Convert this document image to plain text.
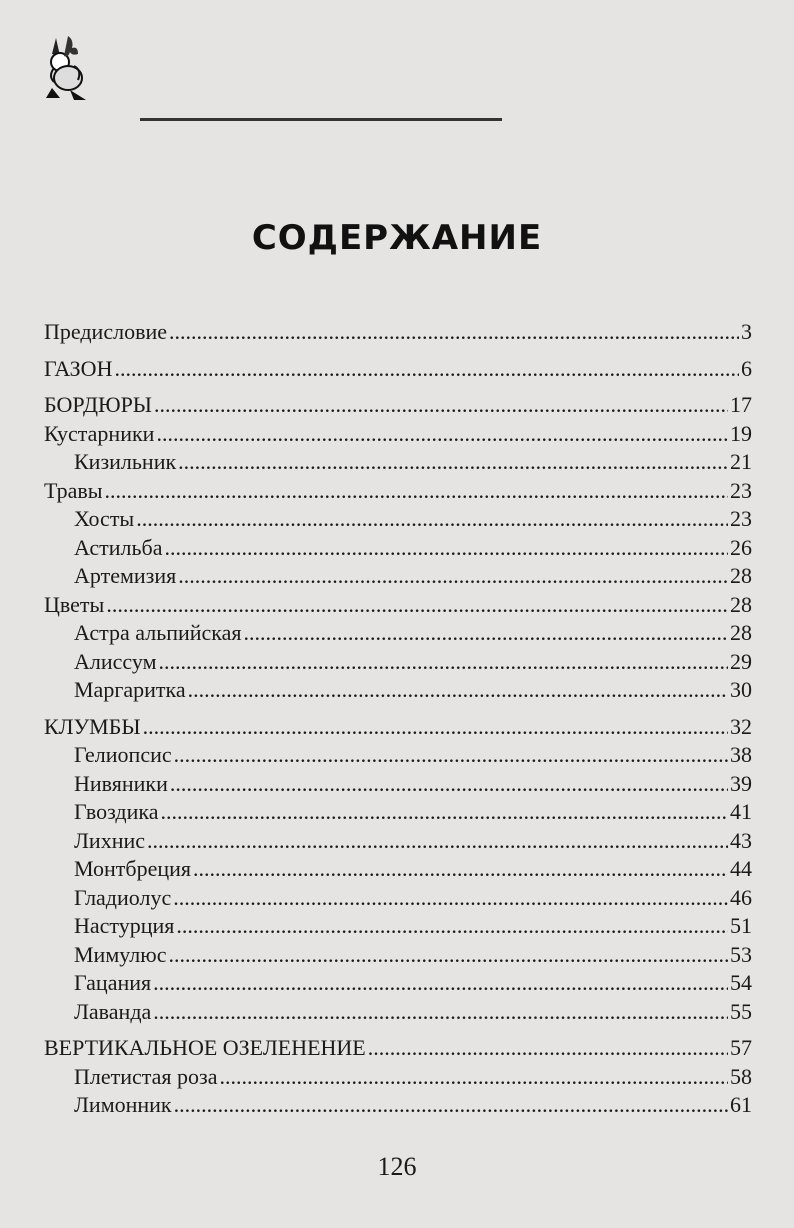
СОДЕРЖАНИЕ
Предисловие .....	3
ГАЗОН .....	6
БОРДЮРЫ .....	17
Кустарники .....	19
Кизильник .....	21
Травы .....	23
Хосты .....	23
Астильба .....	26
Артемизия .....	28
Цветы .....	28
Астра альпийская .....	28
Алиссум .....	29
Маргаритка .....	30
КЛУМБЫ .....	32
Гелиопсис .....	38
Нивяники .....	39
Гвоздика .....	41
Лихнис .....	43
Монтбреция .....	44
Гладиолус .....	46
Настурция .....	51
Мимулюс .....	53
Гацания .....	54
Лаванда .....	55
ВЕРТИКАЛЬНОЕ ОЗЕЛЕНЕНИЕ .....	57
Плетистая роза .....	58
Лимонник .....	61
126
